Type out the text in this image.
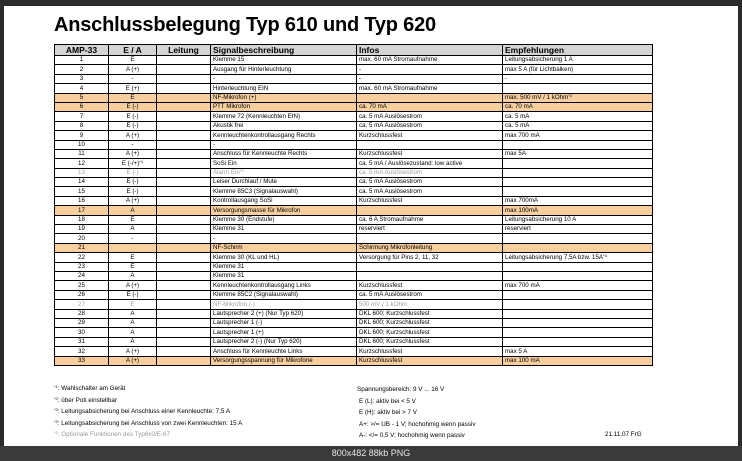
Anschlussbelegung Typ 610 und Typ 620
AMP-33	E / A	Leitung	Signalbeschreibung	Infos	Empfehlungen
1	E		Klemme 15	max. 60 mA Stromaufnahme	Leitungsabsicherung 1 A
2	A (+)		Ausgang für Hinterleuchtung	-	max 5 A (für Lichtbalken)
3	-		-	-	-
4	E (+)		Hinterleuchtung EIN	max. 60 mA Stromaufnahme	
5	E		NF-Mikrofon (+)		max. 500 mV / 1 kOhm$^{*2}$
6	E (-)		PTT Mikrofon	ca. 70 mA	ca. 70 mA
7	E (-)		Klemme 72 (Kennleuchten EIN)	ca. 5 mA Auslösestrom	ca. 5 mA
8	E (-)		Akustik frei	ca. 5 mA Auslösestrom	ca. 5 mA
9	A (+)		Kennleuchtenkontrollausgang Rechts	Kurzschlussfest	max 700 mA
10	-		-		
11	A (+)		Anschluss für Kennleuchte Rechts	Kurzschlussfest	max 5A
12	E $(-/+)^{*1}$		SoSi Ein	ca. 5 mA / Auslösezustand: low active	
13	E (-)		Alarm Ein$^{*5}$	ca. 5 mA Auslösestrom	
14	E (-)		Leiser Durchlauf / Mute	ca. 5 mA Auslösestrom	
15	E (-)		Klemme 85C3 (Signalauswahl)	ca. 5 mA Auslösestrom	
16	A (+)		Kontrollausgang SoSi	Kurzschlussfest	max 700mA
17	A		Versorgungsmasse für Mikrofon		max 100mA
18	E		Klemme 30 (Endstufe)	ca. 6 A Stromaufnahme	Leitungsabsicherung 10 A
19	A		Klemme 31	reserviert	reserviert
20	-		-		
21			NF-Schirm	Schirmung Mikrofonleitung	
22	E		Klemme 30 (KL und HL)	Versorgung für Pins 2, 11, 32	Leitungsabsicherung 7,5A bzw. $15A^{*3}$
23	E		Klemme 31		
24	A		Klemme 31		
25	A (+)		Kennleuchtenkontrollausgang Links	Kurzschlussfest	max 700 mA
26	E (-)		Klemme 85C2 (Signalauswahl)	ca. 5 mA Auslösestrom	
27	E		NF-Mikrofon (-)	500 mV / 1 kOhm	
28	A		Lautsprecher 2 (+) (Nur Typ 620)	DKL 600; Kurzschlussfest	
29	A		Lautsprecher 1 (-)	DKL 600; Kurzschlussfest	
30	A		Lautsprecher 1 (+)	DKL 600; Kurzschlussfest	
31	A		Lautsprecher 2 (-) (Nur Typ 620)	DKL 600; Kurzschlussfest	
32	A (+)		Anschluss für Kennleuchte Links	Kurzschlussfest	max 5 A
33	A (+)		Versorgungsspannung für Mikrofone	Kurzschlussfest	max 100 mA
$^{*1}$: Wahlschalter am Gerät
$^{*2}$: über Poti einstellbar
$^{*3}$: Leitungsabsicherung bei Anschluss einer Kennleuchte: 7,5 A
$^{*3}$: Leitungsabsicherung bei Anschluss von zwei Kennleuchten: 15 A
$^{*5}$: Optionale Funktionen des Typ6x0/E-67
Spannungsbereich: 9 V ... 16 V
E (L): aktiv bei < 5 V
E (H): aktiv bei > 7 V
A+: >/= UB - 1 V; hochohmig wenn passiv
A-: </= 0,5 V; hochohmig wenn passiv	21.11.07 FrG
800x482 88kb PNG
